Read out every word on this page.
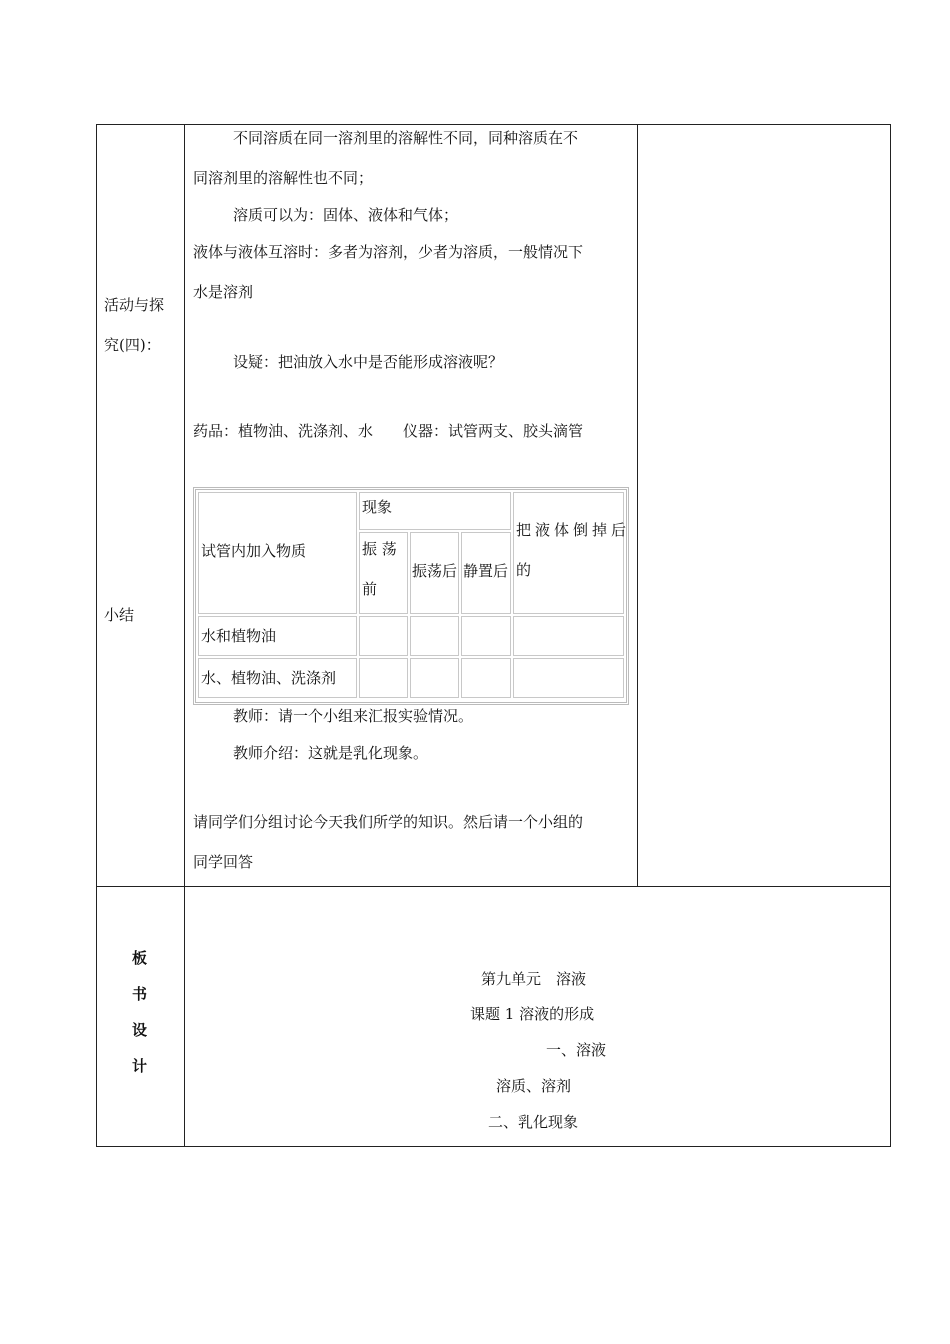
活动与探
究(四)：
小结
不同溶质在同一溶剂里的溶解性不同，同种溶质在不
同溶剂里的溶解性也不同；
溶质可以为：固体、液体和气体；
液体与液体互溶时：多者为溶剂，少者为溶质，一般情况下
水是溶剂
设疑：把油放入水中是否能形成溶液呢？
药品：植物油、洗涤剂、水　　仪器：试管两支、胶头滴管
试管内加入物质
现象
振 荡
前
振荡后 静置后
把液体倒掉后
的
水和植物油
水、植物油、洗涤剂
教师：请一个小组来汇报实验情况。
教师介绍：这就是乳化现象。
请同学们分组讨论今天我们所学的知识。然后请一个小组的
同学回答
板
书
设
计
第九单元　溶液
课题 1 溶液的形成
一、溶液
溶质、溶剂
二、乳化现象
